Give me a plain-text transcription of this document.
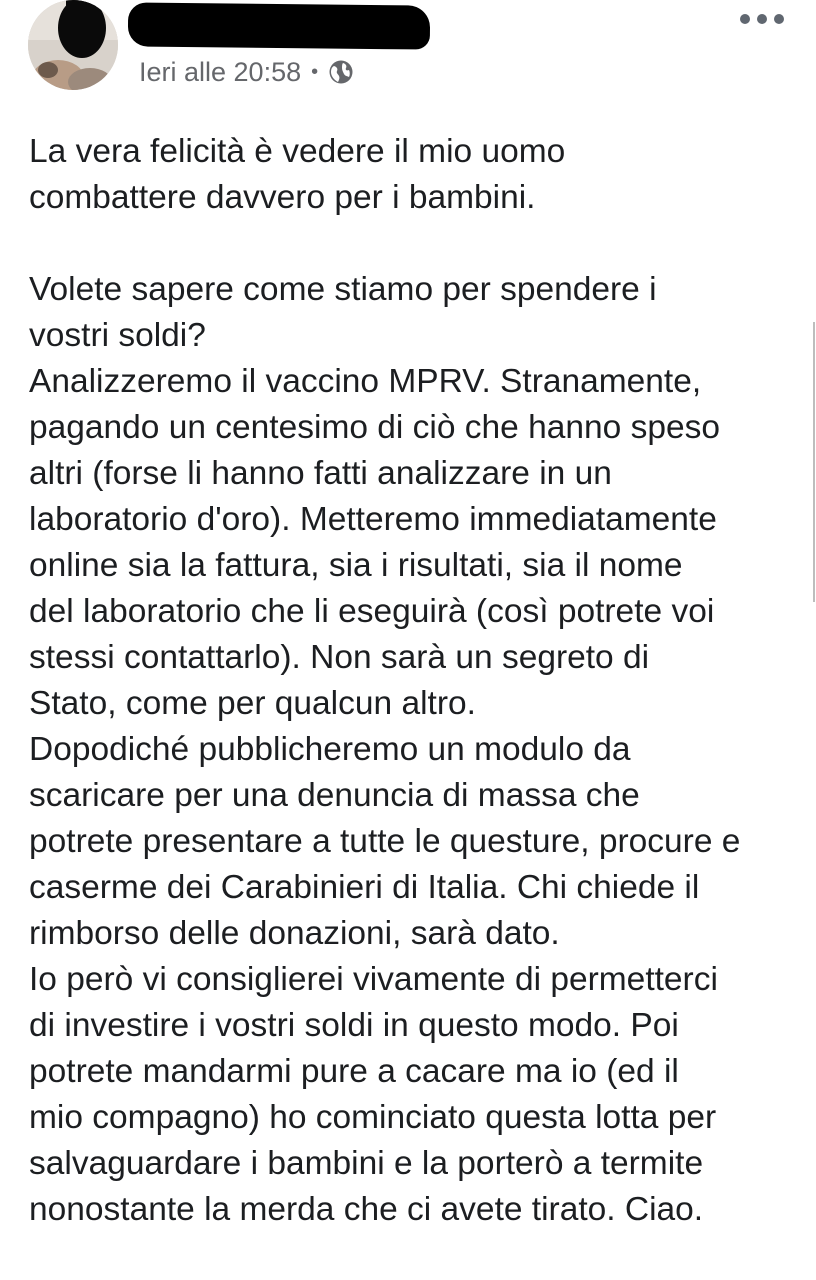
Ieri alle 20:58 •

La vera felicità è vedere il mio uomo

combattere davvero per i bambini.

Volete sapere come stiamo per spendere i

vostri soldi?

Analizzeremo il vaccino MPRV. Stranamente,

pagando un centesimo di ciò che hanno speso

altri (forse li hanno fatti analizzare in un

laboratorio d'oro). Metteremo immediatamente

online sia la fattura, sia i risultati, sia il nome

del laboratorio che li eseguirà (così potrete voi

stessi contattarlo). Non sarà un segreto di

Stato, come per qualcun altro.

Dopodiché pubblicheremo un modulo da

scaricare per una denuncia di massa che

potrete presentare a tutte le questure, procure e

caserme dei Carabinieri di Italia. Chi chiede il

rimborso delle donazioni, sarà dato.

Io però vi consiglierei vivamente di permetterci

di investire i vostri soldi in questo modo. Poi

potrete mandarmi pure a cacare ma io (ed il

mio compagno) ho cominciato questa lotta per

salvaguardare i bambini e la porterò a termite

nonostante la merda che ci avete tirato. Ciao.
